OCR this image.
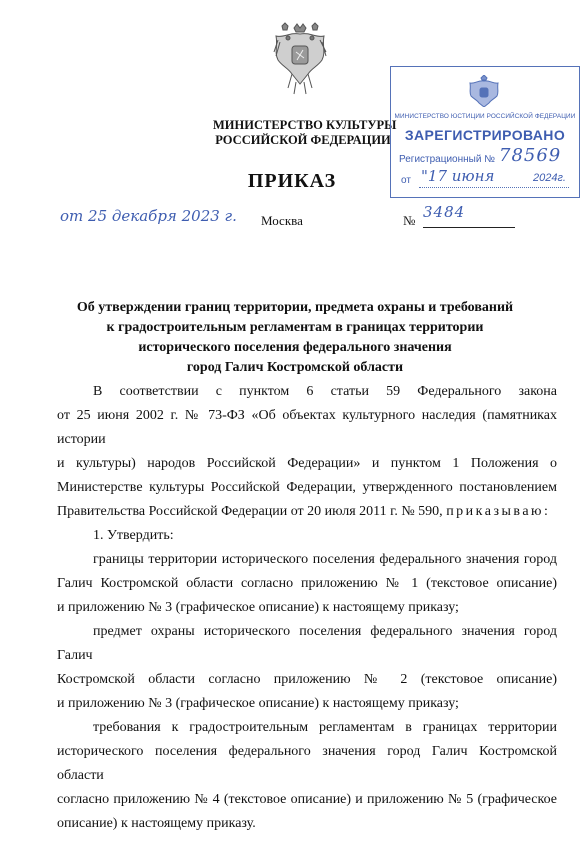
МИНИСТЕРСТВО КУЛЬТУРЫ
РОССИЙСКОЙ ФЕДЕРАЦИИ
МИНИСТЕРСТВО ЮСТИЦИИ РОССИЙСКОЙ ФЕДЕРАЦИИ
ЗАРЕГИСТРИРОВАНО
Регистрационный № 78569
от "17 июня	2024г.
ПРИКАЗ
от 25 декабря 2023 г. Москва	№ 3484
Об утверждении границ территории, предмета охраны и требований
к градостроительным регламентам в границах территории
исторического поселения федерального значения
город Галич Костромской области

В соответствии с пунктом 6 статьи 59 Федерального закона

от 25 июня 2002 г. № 73-ФЗ «Об объектах культурного наследия (памятниках истории

и культуры) народов Российской Федерации» и пунктом 1 Положения о

Министерстве культуры Российской Федерации, утвержденного постановлением

Правительства Российской Федерации от 20 июля 2011 г. № 590, приказываю:

1. Утвердить:

границы территории исторического поселения федерального значения город

Галич Костромской области согласно приложению № 1 (текстовое описание)

и приложению № 3 (графическое описание) к настоящему приказу;

предмет охраны исторического поселения федерального значения город Галич

Костромской области согласно приложению № 2 (текстовое описание)

и приложению № 3 (графическое описание) к настоящему приказу;

требования к градостроительным регламентам в границах территории

исторического поселения федерального значения город Галич Костромской области

согласно приложению № 4 (текстовое описание) и приложению № 5 (графическое

описание) к настоящему приказу.
